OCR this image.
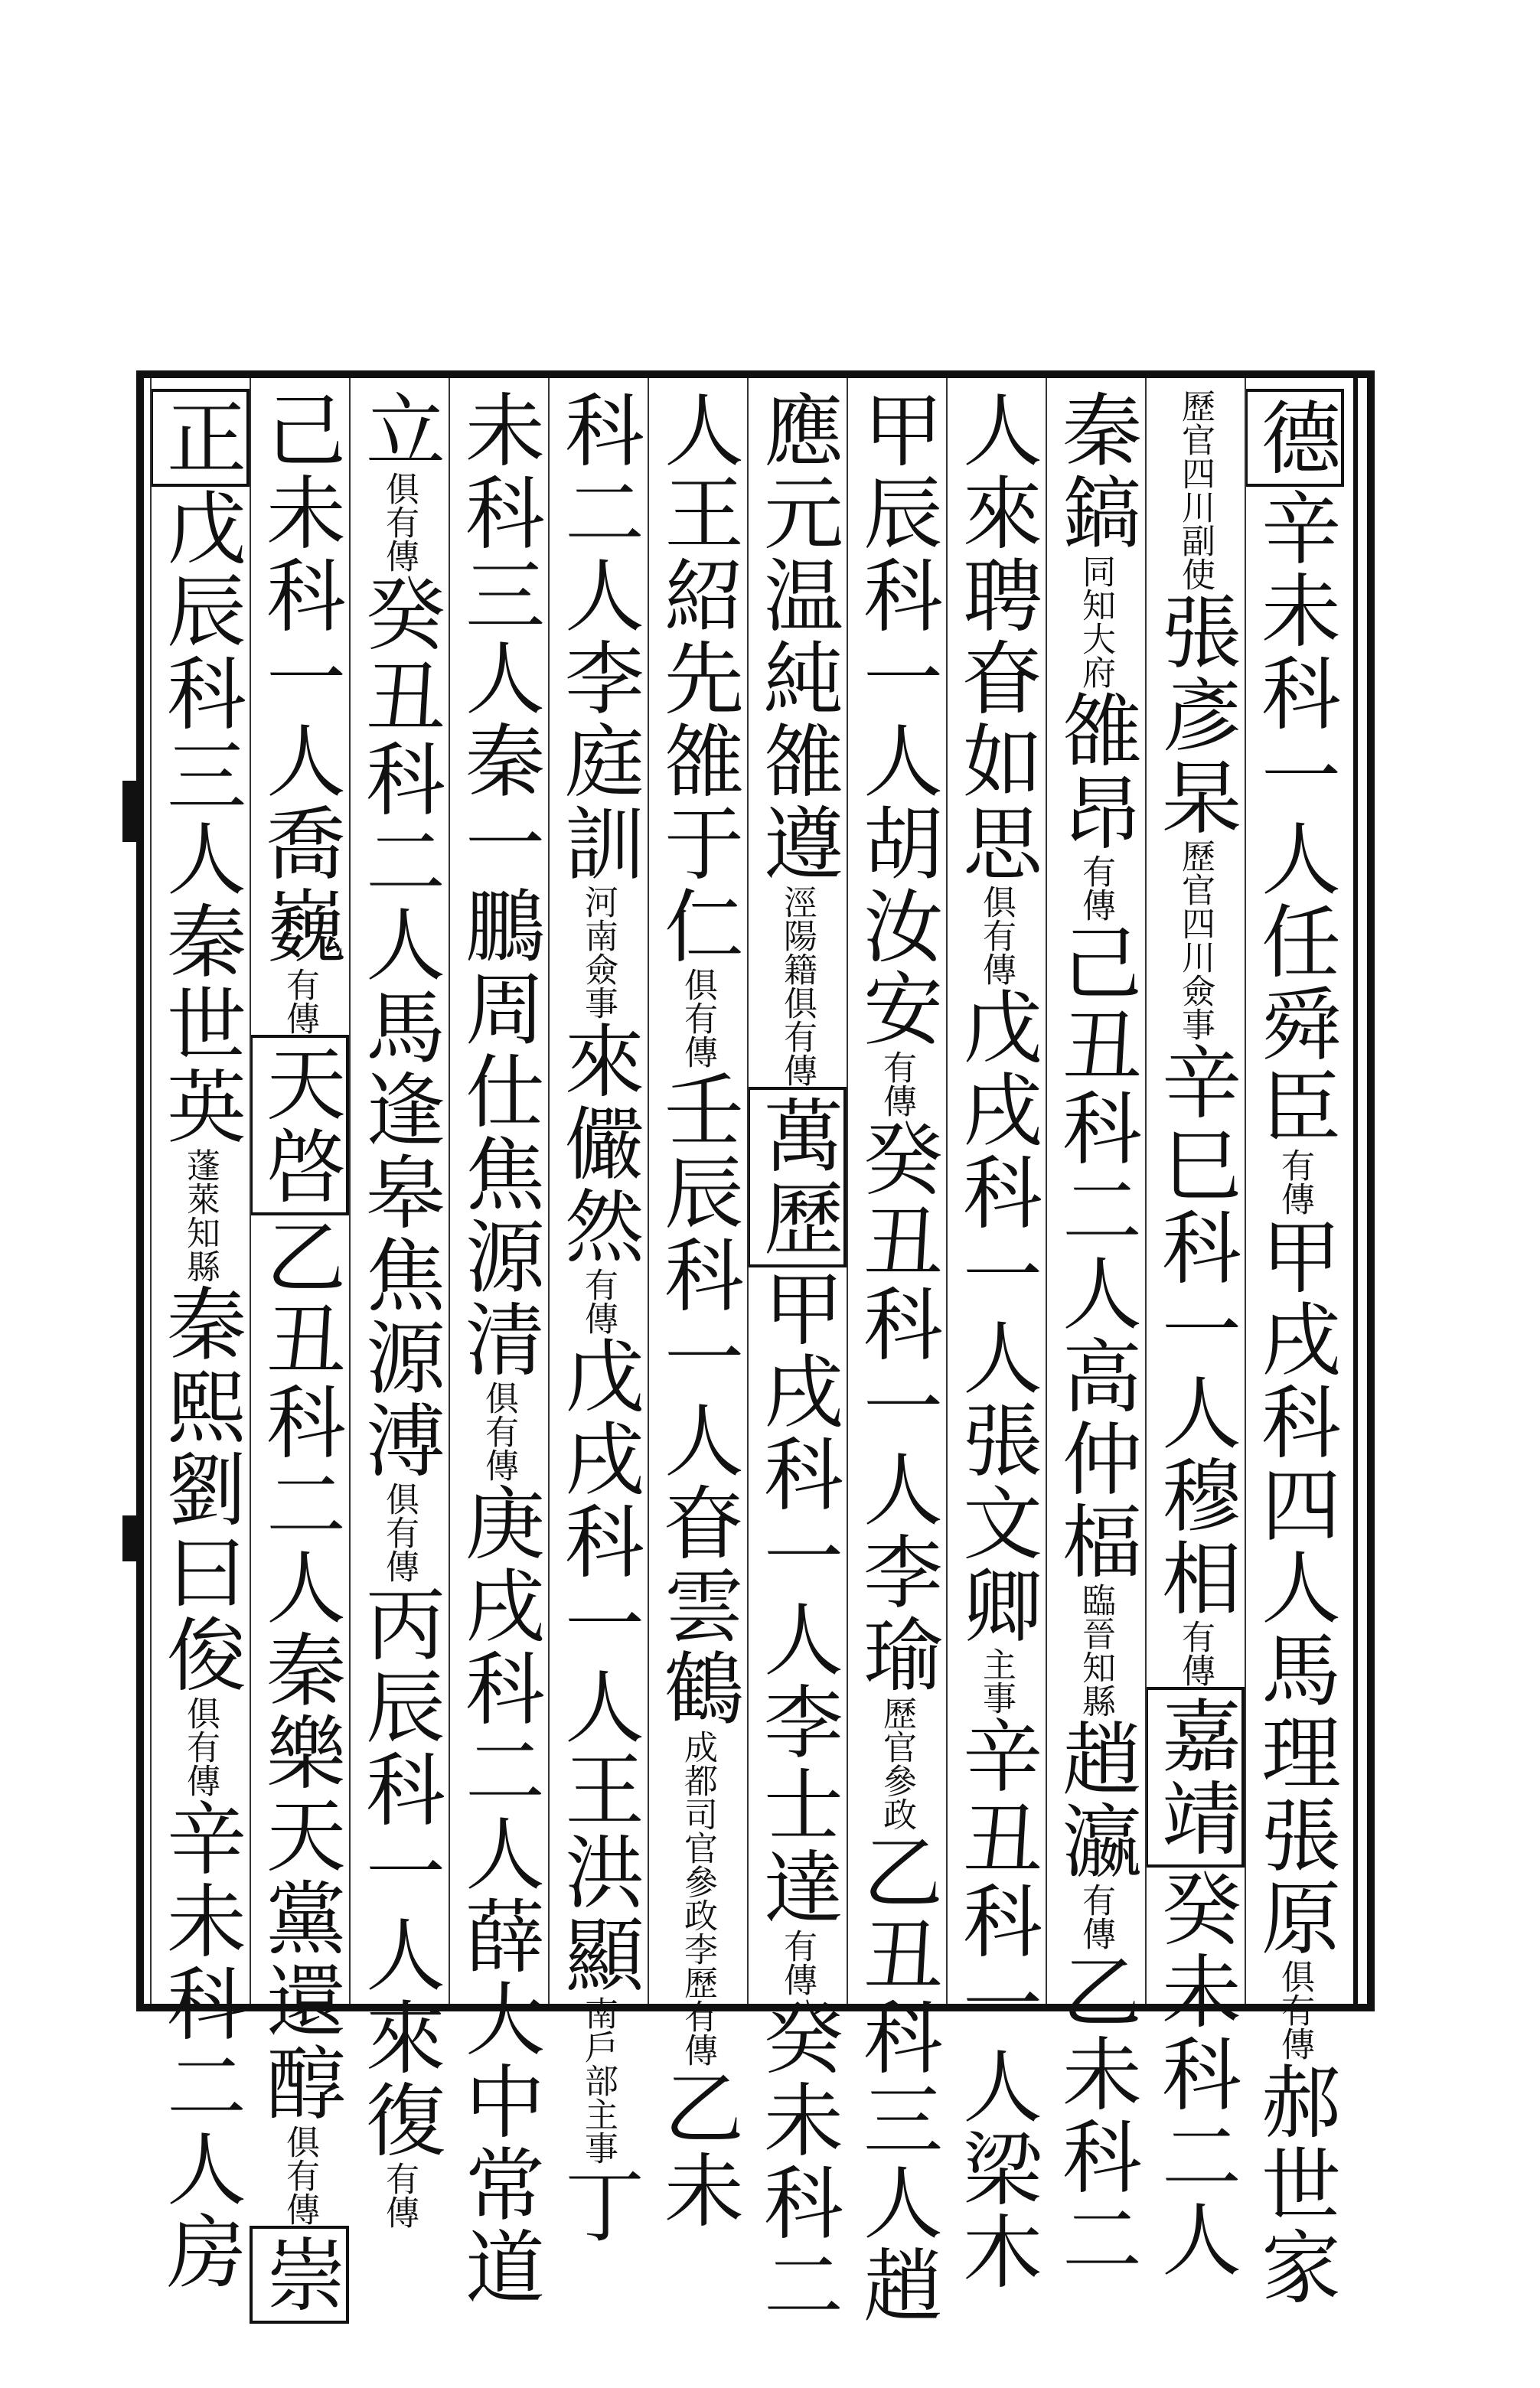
德
辛未科一人任舜臣
有傳
甲戌科四人馬理張原
俱有傳
郝世家
歷官四川副使
張彥杲
歷官四川僉事
辛巳科一人穆相
有傳
嘉靖
癸未科二人
秦鎬
同知大府
雒昂
有傳
己丑科二人高仲楅
臨晉知縣
趙瀛
有傳
乙未科二
人來聘眘如思
俱有傳
戊戌科一人張文卿
主事
辛丑科一人梁木
甲辰科一人胡汝安
有傳
癸丑科一人李瑜
歷官參政
乙丑科三人趙
應元温純雒遵
涇陽籍俱有傳
萬歷
甲戌科一人李士達
有傳
癸未科二
人王紹先雒于仁
俱有傳
壬辰科一人眘雲鶴
成都司官參政
李歷有傳
乙未
科二人李庭訓
河南僉事
來儼然
有傳
戊戌科一人王洪顯
南戶部主事
丁
未科三人秦一鵬周仕焦源清
俱有傳
庚戌科二人薛大中常道
立
俱有傳
癸丑科二人馬逢皋焦源溥
俱有傳
丙辰科一人來復
有傳
己未科一人喬巍
有傳
天啓
乙丑科二人秦樂天黨還醇
俱有傳
崇
正
戊辰科三人秦世英
蓬萊知縣
秦熙劉曰俊
俱有傳
辛未科二人房
